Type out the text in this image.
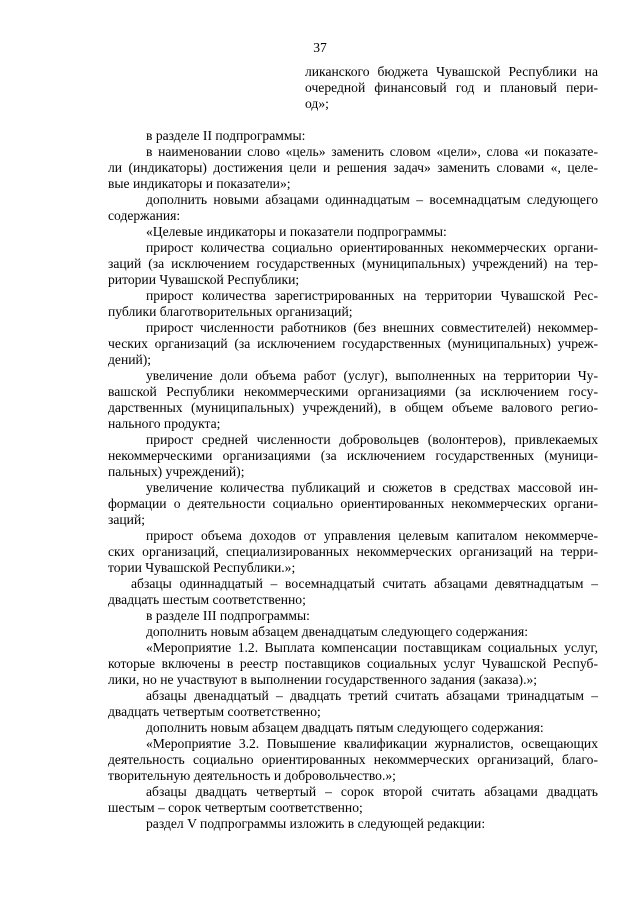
37
ликанского бюджета Чувашской Республики на
очередной финансовый год и плановый пери-
од»;
в разделе II подпрограммы:
в наименовании слово «цель» заменить словом «цели», слова «и показате-
ли (индикаторы) достижения цели и решения задач» заменить словами «, целе-
вые индикаторы и показатели»;
дополнить новыми абзацами одиннадцатым – восемнадцатым следующего
содержания:
«Целевые индикаторы и показатели подпрограммы:
прирост количества социально ориентированных некоммерческих органи-
заций (за исключением государственных (муниципальных) учреждений) на тер-
ритории Чувашской Республики;
прирост количества зарегистрированных на территории Чувашской Рес-
публики благотворительных организаций;
прирост численности работников (без внешних совместителей) некоммер-
ческих организаций (за исключением государственных (муниципальных) учреж-
дений);
увеличение доли объема работ (услуг), выполненных на территории Чу-
вашской Республики некоммерческими организациями (за исключением госу-
дарственных (муниципальных) учреждений), в общем объеме валового регио-
нального продукта;
прирост средней численности добровольцев (волонтеров), привлекаемых
некоммерческими организациями (за исключением государственных (муници-
пальных) учреждений);
увеличение количества публикаций и сюжетов в средствах массовой ин-
формации о деятельности социально ориентированных некоммерческих органи-
заций;
прирост объема доходов от управления целевым капиталом некоммерче-
ских организаций, специализированных некоммерческих организаций на терри-
тории Чувашской Республики.»;
абзацы одиннадцатый – восемнадцатый считать абзацами девятнадцатым –
двадцать шестым соответственно;
в разделе III подпрограммы:
дополнить новым абзацем двенадцатым следующего содержания:
«Мероприятие 1.2. Выплата компенсации поставщикам социальных услуг,
которые включены в реестр поставщиков социальных услуг Чувашской Респуб-
лики, но не участвуют в выполнении государственного задания (заказа).»;
абзацы двенадцатый – двадцать третий считать абзацами тринадцатым –
двадцать четвертым соответственно;
дополнить новым абзацем двадцать пятым следующего содержания:
«Мероприятие 3.2. Повышение квалификации журналистов, освещающих
деятельность социально ориентированных некоммерческих организаций, благо-
творительную деятельность и добровольчество.»;
абзацы двадцать четвертый – сорок второй считать абзацами двадцать
шестым – сорок четвертым соответственно;
раздел V подпрограммы изложить в следующей редакции:
